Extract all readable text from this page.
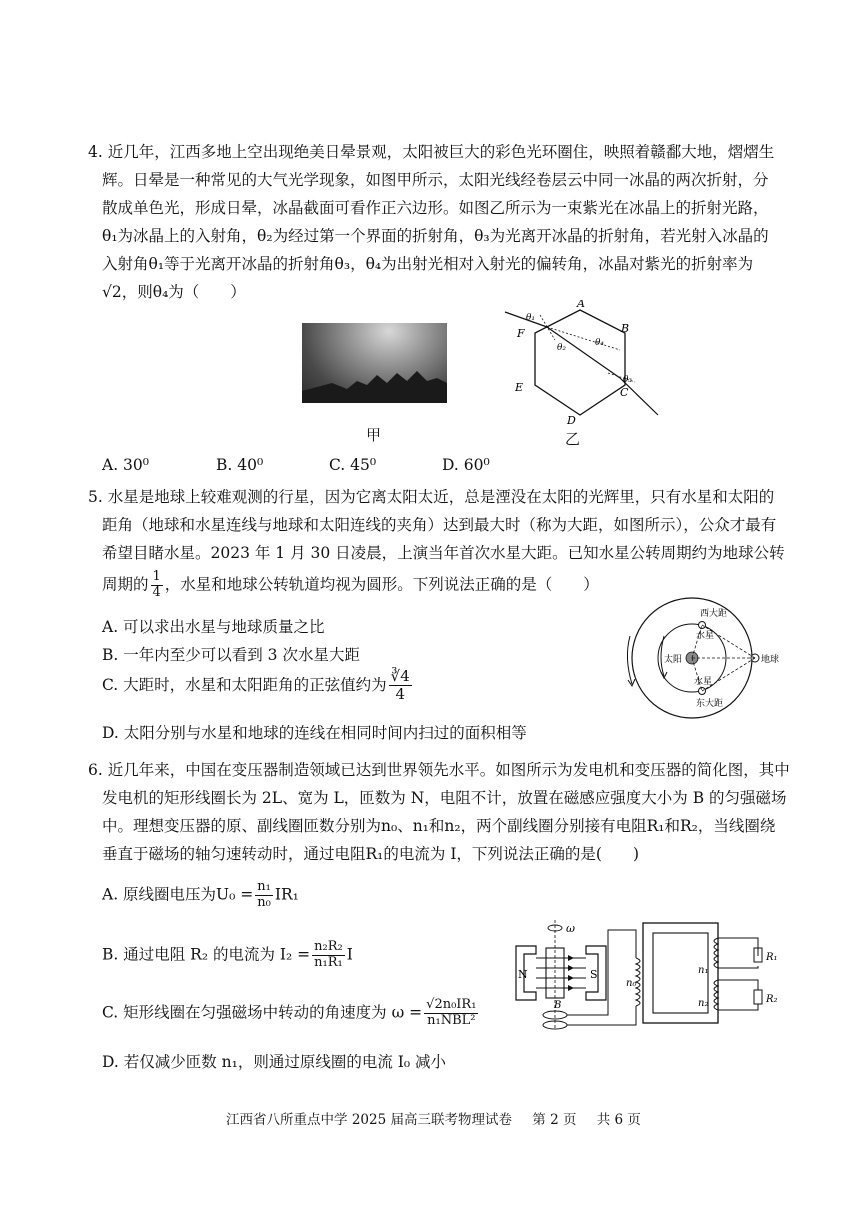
4. 近几年，江西多地上空出现绝美日晕景观，太阳被巨大的彩色光环圈住，映照着赣鄱大地，熠熠生
辉。日晕是一种常见的大气光学现象，如图甲所示，太阳光线经卷层云中同一冰晶的两次折射，分
散成单色光，形成日晕，冰晶截面可看作正六边形。如图乙所示为一束紫光在冰晶上的折射光路，
θ₁为冰晶上的入射角，θ₂为经过第一个界面的折射角，θ₃为光离开冰晶的折射角，若光射入冰晶的
入射角θ₁等于光离开冰晶的折射角θ₃，θ₄为出射光相对入射光的偏转角，冰晶对紫光的折射率为
√2，则θ₄为（　　）
甲
A
B
C
D
E
F
θ₁
θ₂
θ₃
θ₄
乙
A. 30⁰	B. 40⁰	C. 45⁰	D. 60⁰
5. 水星是地球上较难观测的行星，因为它离太阳太近，总是湮没在太阳的光辉里，只有水星和太阳的
距角（地球和水星连线与地球和太阳连线的夹角）达到最大时（称为大距，如图所示），公众才最有
希望目睹水星。2023 年 1 月 30 日凌晨，上演当年首次水星大距。已知水星公转周期约为地球公转
周期的 $\frac{1}{4}$ ，水星和地球公转轨道均视为圆形。下列说法正确的是（　　）
A. 可以求出水星与地球质量之比
B. 一年内至少可以看到 3 次水星大距
C. 大距时，水星和太阳距角的正弦值约为 $\frac{∛4}{4}$
D. 太阳分别与水星和地球的连线在相同时间内扫过的面积相等
西大距
水星
太阳	地球
水星
东大距
6. 近几年来，中国在变压器制造领域已达到世界领先水平。如图所示为发电机和变压器的简化图，其中
发电机的矩形线圈长为 2L、宽为 L，匝数为 N，电阻不计，放置在磁感应强度大小为 B 的匀强磁场
中。理想变压器的原、副线圈匝数分别为n₀、n₁和n₂，两个副线圈分别接有电阻R₁和R₂，当线圈绕
垂直于磁场的轴匀速转动时，通过电阻R₁的电流为 I，下列说法正确的是(　　)
A. 原线圈电压为$U_0 = \frac{\text{n₁}}{\text{n₀}} IR_1$
B. 通过电阻 R₂ 的电流为 $I_2 = \frac{\text{n₂R₂}}{\text{n₁R₁}}$ I
C. 矩形线圈在匀强磁场中转动的角速度为 $\omega = \frac{\text{√2n₀IR₁}}{\text{n₁NBL²}}$
D. 若仅减少匝数 n₁，则通过原线圈的电流 I₀ 减小
N	S
ω
B
n₀
n₁
n₂
R₁
R₂
江西省八所重点中学 2025 届高三联考物理试卷 第 2 页 共 6 页
